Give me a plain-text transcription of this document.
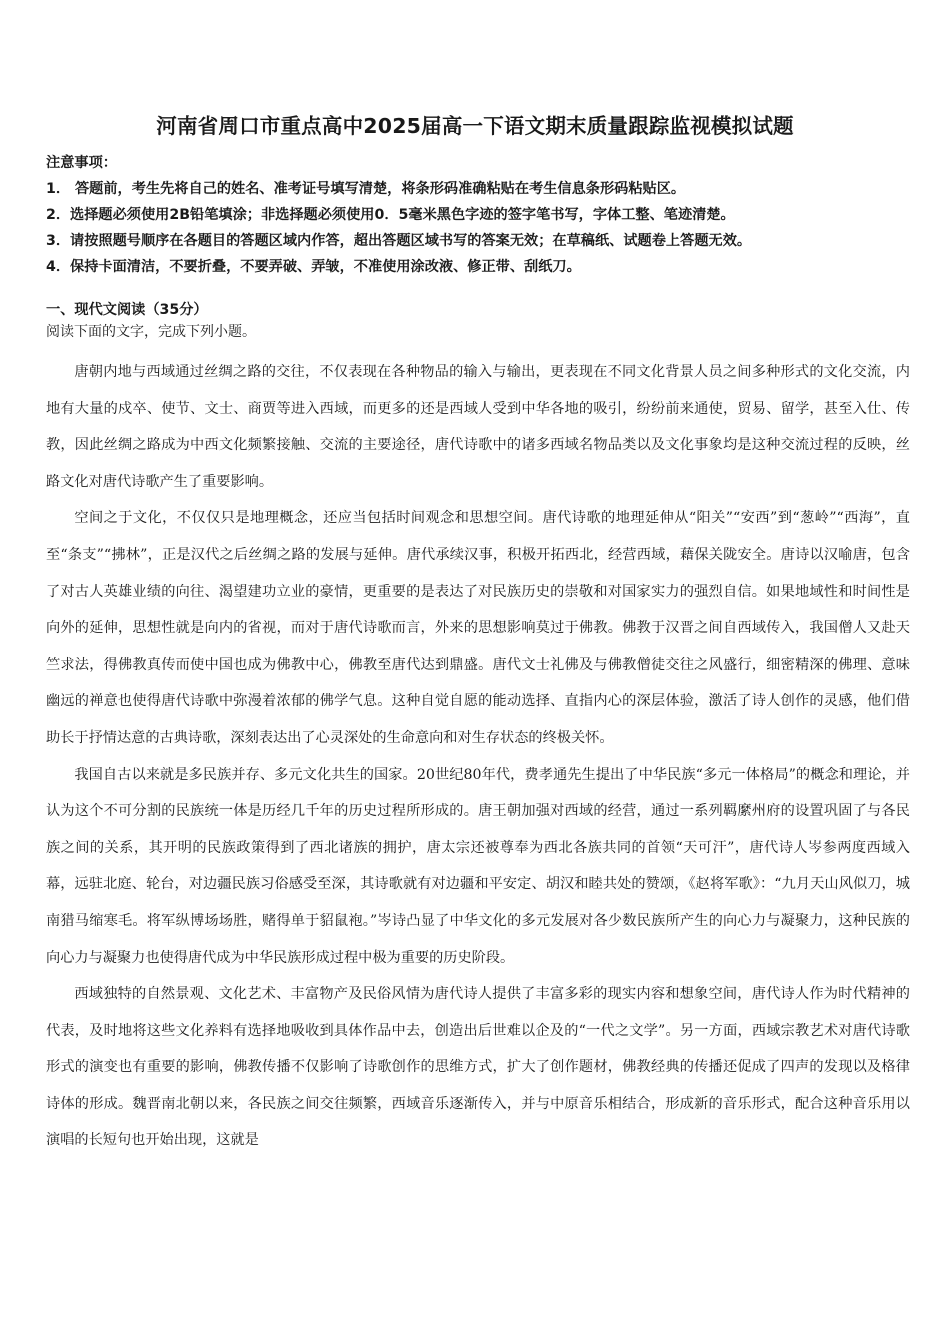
河南省周口市重点高中2025届高一下语文期末质量跟踪监视模拟试题
注意事项：
1． 答题前，考生先将自己的姓名、准考证号填写清楚，将条形码准确粘贴在考生信息条形码粘贴区。
2．选择题必须使用2B铅笔填涂；非选择题必须使用0．5毫米黑色字迹的签字笔书写，字体工整、笔迹清楚。
3．请按照题号顺序在各题目的答题区域内作答，超出答题区域书写的答案无效；在草稿纸、试题卷上答题无效。
4．保持卡面清洁，不要折叠，不要弄破、弄皱，不准使用涂改液、修正带、刮纸刀。
一、现代文阅读（35分）
阅读下面的文字，完成下列小题。

唐朝内地与西域通过丝绸之路的交往，不仅表现在各种物品的输入与输出，更表现在不同文化背景人员之间多种形式的文化交流，内地有大量的戍卒、使节、文士、商贾等进入西域，而更多的还是西域人受到中华各地的吸引，纷纷前来通使，贸易、留学，甚至入仕、传教，因此丝绸之路成为中西文化频繁接触、交流的主要途径，唐代诗歌中的诸多西域名物品类以及文化事象均是这种交流过程的反映，丝路文化对唐代诗歌产生了重要影响。

空间之于文化，不仅仅只是地理概念，还应当包括时间观念和思想空间。唐代诗歌的地理延伸从“阳关”“安西”到“葱岭”“西海”，直至“条支”“拂林”，正是汉代之后丝绸之路的发展与延伸。唐代承续汉事，积极开拓西北，经营西域，藉保关陇安全。唐诗以汉喻唐，包含了对古人英雄业绩的向往、渴望建功立业的豪情，更重要的是表达了对民族历史的崇敬和对国家实力的强烈自信。如果地域性和时间性是向外的延伸，思想性就是向内的省视，而对于唐代诗歌而言，外来的思想影响莫过于佛教。佛教于汉晋之间自西域传入，我国僧人又赴天竺求法，得佛教真传而使中国也成为佛教中心，佛教至唐代达到鼎盛。唐代文士礼佛及与佛教僧徒交往之风盛行，细密精深的佛理、意味幽远的禅意也使得唐代诗歌中弥漫着浓郁的佛学气息。这种自觉自愿的能动选择、直指内心的深层体验，激活了诗人创作的灵感，他们借助长于抒情达意的古典诗歌，深刻表达出了心灵深处的生命意向和对生存状态的终极关怀。

我国自古以来就是多民族并存、多元文化共生的国家。20世纪80年代，费孝通先生提出了中华民族“多元一体格局”的概念和理论，并认为这个不可分割的民族统一体是历经几千年的历史过程所形成的。唐王朝加强对西域的经营，通过一系列羁縻州府的设置巩固了与各民族之间的关系，其开明的民族政策得到了西北诸族的拥护，唐太宗还被尊奉为西北各族共同的首领“天可汗”，唐代诗人岑参两度西域入幕，远驻北庭、轮台，对边疆民族习俗感受至深，其诗歌就有对边疆和平安定、胡汉和睦共处的赞颂，《赵将军歌》：“九月天山风似刀，城南猎马缩寒毛。将军纵博场场胜，赌得单于貂鼠袍。”岑诗凸显了中华文化的多元发展对各少数民族所产生的向心力与凝聚力，这种民族的向心力与凝聚力也使得唐代成为中华民族形成过程中极为重要的历史阶段。

西域独特的自然景观、文化艺术、丰富物产及民俗风情为唐代诗人提供了丰富多彩的现实内容和想象空间，唐代诗人作为时代精神的代表，及时地将这些文化养料有选择地吸收到具体作品中去，创造出后世难以企及的“一代之文学”。另一方面，西域宗教艺术对唐代诗歌形式的演变也有重要的影响，佛教传播不仅影响了诗歌创作的思维方式，扩大了创作题材，佛教经典的传播还促成了四声的发现以及格律诗体的形成。魏晋南北朝以来，各民族之间交往频繁，西域音乐逐渐传入，并与中原音乐相结合，形成新的音乐形式，配合这种音乐用以演唱的长短句也开始出现，这就是
